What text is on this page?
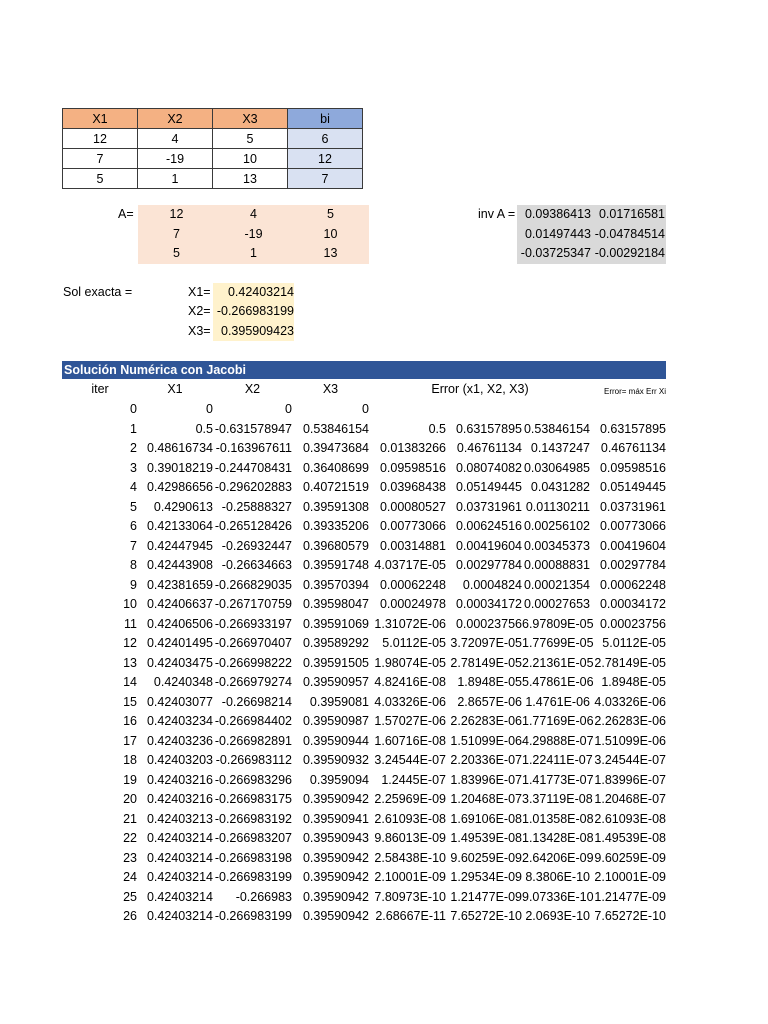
X1	X2	X3	bi
12	4	5	6
7	-19	10	12
5	1	13	7
A=	12	4	5
7	-19	10
5	1	13
inv A = 0.09386413 0.01716581
0.01497443 -0.04784514
-0.03725347 -0.00292184
Sol exacta =	X1=	0.42403214
X2= -0.266983199
X3= 0.395909423
Solución Numérica con Jacobi
iter	X1	X2	X3	Error (x1, X2, X3)	Error= máx Err Xi
0	0	0	0
1	0.5 -0.631578947 0.53846154	0.5 0.63157895 0.53846154 0.63157895
2 0.48616734 -0.163967611 0.39473684 0.01383266 0.46761134 0.1437247 0.46761134
3 0.39018219 -0.244708431 0.36408699 0.09598516 0.08074082 0.03064985 0.09598516
4 0.42986656 -0.296202883 0.40721519 0.03968438 0.05149445 0.0431282 0.05149445
5	0.4290613 -0.25888327 0.39591308 0.00080527 0.03731961 0.01130211 0.03731961
6 0.42133064 -0.265128426 0.39335206 0.00773066 0.00624516 0.00256102 0.00773066
7 0.42447945 -0.26932447 0.39680579 0.00314881 0.00419604 0.00345373 0.00419604
8 0.42443908 -0.26634663 0.39591748 4.03717E-05 0.00297784 0.00088831 0.00297784
9 0.42381659 -0.266829035 0.39570394 0.00062248	0.0004824 0.00021354 0.00062248
10 0.42406637 -0.267170759 0.39598047 0.00024978 0.00034172 0.00027653 0.00034172
11 0.42406506 -0.266933197 0.39591069 1.31072E-06 0.00023756 6.97809E-05 0.00023756
12 0.42401495 -0.266970407 0.39589292	5.0112E-05 3.72097E-05 1.77699E-05 5.0112E-05
13 0.42403475 -0.266998222 0.39591505 1.98074E-05 2.78149E-05 2.21361E-05 2.78149E-05
14	0.4240348 -0.266979274 0.39590957 4.82416E-08 1.8948E-05 5.47861E-06 1.8948E-05
15 0.42403077 -0.26698214	0.3959081 4.03326E-06 2.8657E-06 1.4761E-06 4.03326E-06
16 0.42403234 -0.266984402 0.39590987 1.57027E-06 2.26283E-06 1.77169E-06 2.26283E-06
17 0.42403236 -0.266982891 0.39590944 1.60716E-08 1.51099E-06 4.29888E-07 1.51099E-06
18 0.42403203 -0.266983112 0.39590932 3.24544E-07 2.20336E-07 1.22411E-07 3.24544E-07
19 0.42403216 -0.266983296	0.3959094 1.2445E-07 1.83996E-07 1.41773E-07 1.83996E-07
20 0.42403216 -0.266983175 0.39590942 2.25969E-09 1.20468E-07 3.37119E-08 1.20468E-07
21 0.42403213 -0.266983192 0.39590941 2.61093E-08 1.69106E-08 1.01358E-08 2.61093E-08
22 0.42403214 -0.266983207 0.39590943 9.86013E-09 1.49539E-08 1.13428E-08 1.49539E-08
23 0.42403214 -0.266983198 0.39590942 2.58438E-10 9.60259E-09 2.64206E-09 9.60259E-09
24 0.42403214 -0.266983199 0.39590942 2.10001E-09 1.29534E-09 8.3806E-10 2.10001E-09
25 0.42403214	-0.266983 0.39590942 7.80973E-10 1.21477E-09 9.07336E-10 1.21477E-09
26 0.42403214 -0.266983199 0.39590942 2.68667E-11 7.65272E-10 2.0693E-10 7.65272E-10
